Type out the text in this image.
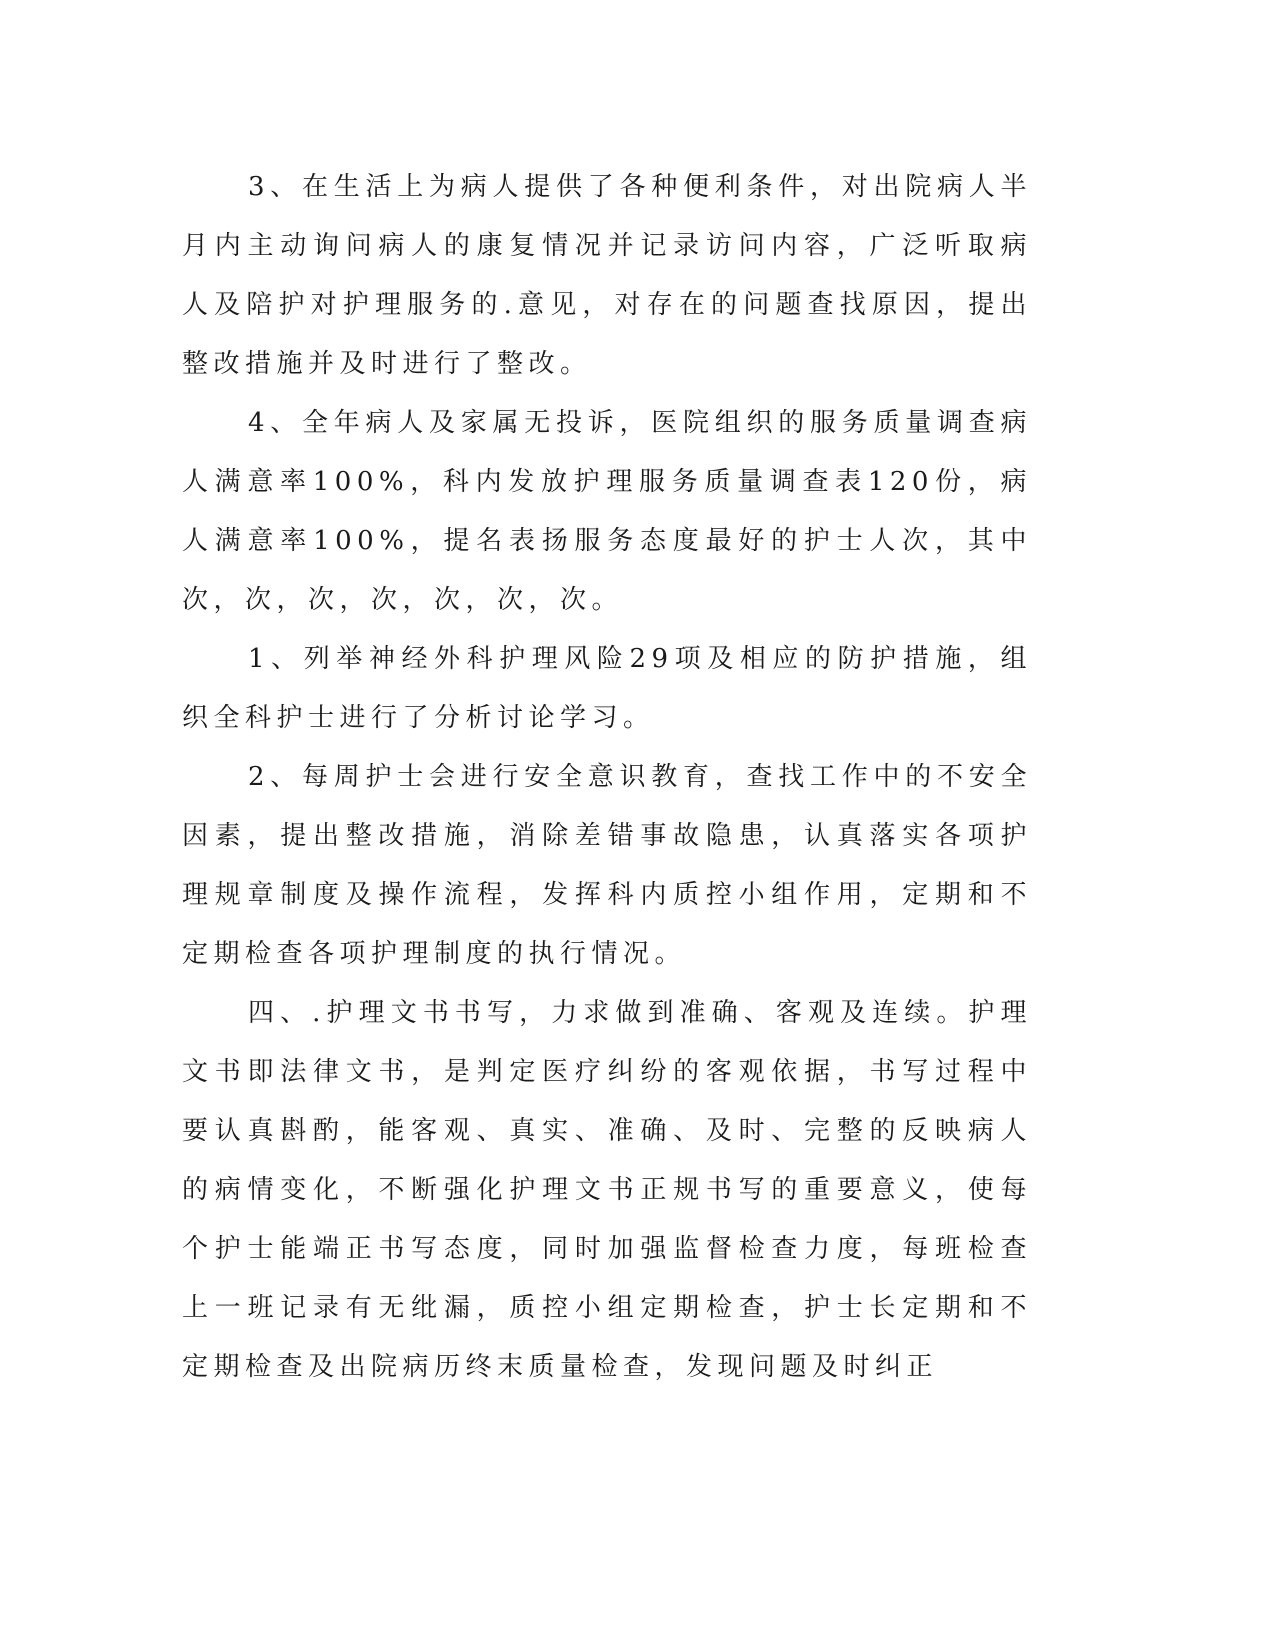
3、在生活上为病人提供了各种便利条件，对出院病人半月内主动询问病人的康复情况并记录访问内容，广泛听取病人及陪护对护理服务的.意见，对存在的问题查找原因，提出整改措施并及时进行了整改。

4、全年病人及家属无投诉，医院组织的服务质量调查病人满意率100%，科内发放护理服务质量调查表120份，病人满意率100%，提名表扬服务态度最好的护士人次，其中次，次，次，次，次，次，次。

1、列举神经外科护理风险29项及相应的防护措施，组织全科护士进行了分析讨论学习。

2、每周护士会进行安全意识教育，查找工作中的不安全因素，提出整改措施，消除差错事故隐患，认真落实各项护理规章制度及操作流程，发挥科内质控小组作用，定期和不定期检查各项护理制度的执行情况。

四、.护理文书书写，力求做到准确、客观及连续。护理文书即法律文书，是判定医疗纠纷的客观依据，书写过程中要认真斟酌，能客观、真实、准确、及时、完整的反映病人的病情变化，不断强化护理文书正规书写的重要意义，使每个护士能端正书写态度，同时加强监督检查力度，每班检查上一班记录有无纰漏，质控小组定期检查，护士长定期和不定期检查及出院病历终末质量检查，发现问题及时纠正
